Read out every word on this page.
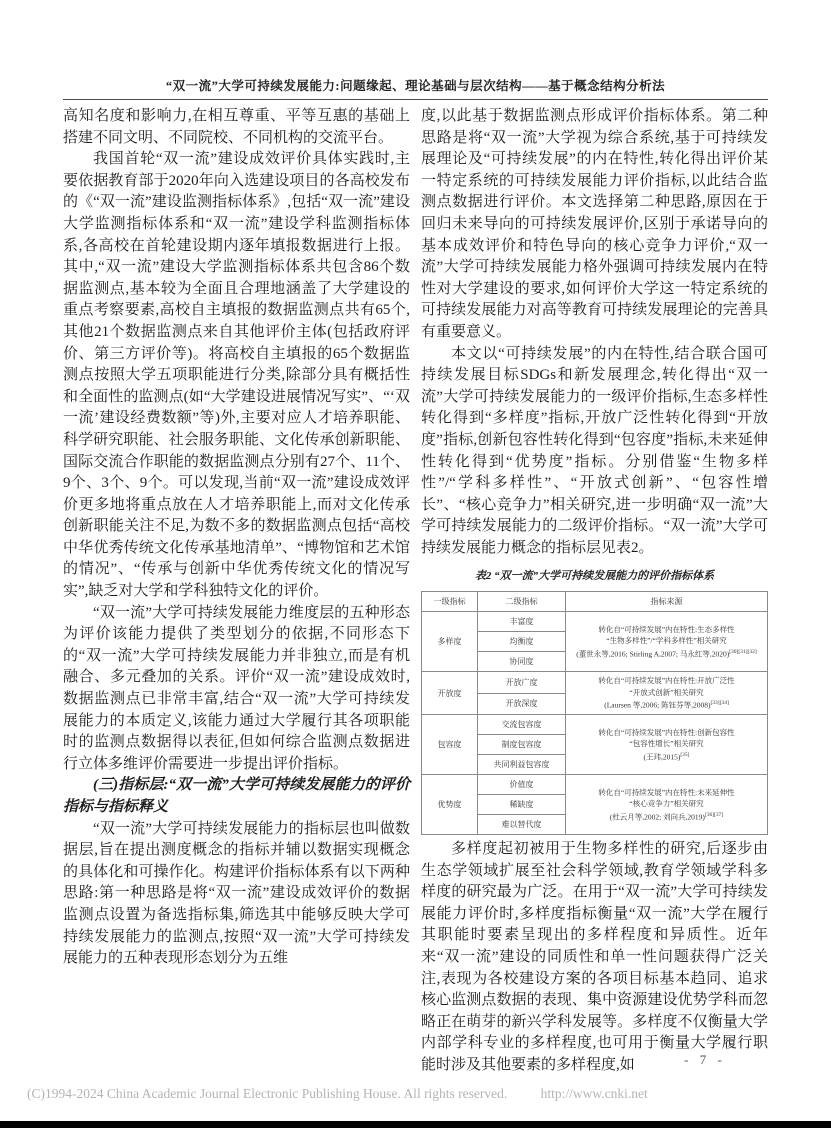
“双一流”大学可持续发展能力:问题缘起、理论基础与层次结构——基于概念结构分析法

高知名度和影响力,在相互尊重、平等互惠的基础上搭建不同文明、不同院校、不同机构的交流平台。

我国首轮“双一流”建设成效评价具体实践时,主要依据教育部于2020年向入选建设项目的各高校发布的《“双一流”建设监测指标体系》,包括“双一流”建设大学监测指标体系和“双一流”建设学科监测指标体系,各高校在首轮建设期内逐年填报数据进行上报。其中,“双一流”建设大学监测指标体系共包含86个数据监测点,基本较为全面且合理地涵盖了大学建设的重点考察要素,高校自主填报的数据监测点共有65个,其他21个数据监测点来自其他评价主体(包括政府评价、第三方评价等)。将高校自主填报的65个数据监测点按照大学五项职能进行分类,除部分具有概括性和全面性的监测点(如“大学建设进展情况写实”、“‘双一流’建设经费数额”等)外,主要对应人才培养职能、科学研究职能、社会服务职能、文化传承创新职能、国际交流合作职能的数据监测点分别有27个、11个、9个、3个、9个。可以发现,当前“双一流”建设成效评价更多地将重点放在人才培养职能上,而对文化传承创新职能关注不足,为数不多的数据监测点包括“高校中华优秀传统文化传承基地清单”、“博物馆和艺术馆的情况”、“传承与创新中华优秀传统文化的情况写实”,缺乏对大学和学科独特文化的评价。

“双一流”大学可持续发展能力维度层的五种形态为评价该能力提供了类型划分的依据,不同形态下的“双一流”大学可持续发展能力并非独立,而是有机融合、多元叠加的关系。评价“双一流”建设成效时,数据监测点已非常丰富,结合“双一流”大学可持续发展能力的本质定义,该能力通过大学履行其各项职能时的监测点数据得以表征,但如何综合监测点数据进行立体多维评价需要进一步提出评价指标。

(三)指标层:“双一流”大学可持续发展能力的评价指标与指标释义

“双一流”大学可持续发展能力的指标层也叫做数据层,旨在提出测度概念的指标并辅以数据实现概念的具体化和可操作化。构建评价指标体系有以下两种思路:第一种思路是将“双一流”建设成效评价的数据监测点设置为备选指标集,筛选其中能够反映大学可持续发展能力的监测点,按照“双一流”大学可持续发展能力的五种表现形态划分为五维

度,以此基于数据监测点形成评价指标体系。第二种思路是将“双一流”大学视为综合系统,基于可持续发展理论及“可持续发展”的内在特性,转化得出评价某一特定系统的可持续发展能力评价指标,以此结合监测点数据进行评价。本文选择第二种思路,原因在于回归未来导向的可持续发展评价,区别于承诺导向的基本成效评价和特色导向的核心竞争力评价,“双一流”大学可持续发展能力格外强调可持续发展内在特性对大学建设的要求,如何评价大学这一特定系统的可持续发展能力对高等教育可持续发展理论的完善具有重要意义。

本文以“可持续发展”的内在特性,结合联合国可持续发展目标SDGs和新发展理念,转化得出“双一流”大学可持续发展能力的一级评价指标,生态多样性转化得到“多样度”指标,开放广泛性转化得到“开放度”指标,创新包容性转化得到“包容度”指标,未来延伸性转化得到“优势度”指标。分别借鉴“生物多样性”/“学科多样性”、“开放式创新”、“包容性增长”、“核心竞争力”相关研究,进一步明确“双一流”大学可持续发展能力的二级评价指标。“双一流”大学可持续发展能力概念的指标层见表2。

表2 “双一流”大学可持续发展能力的评价指标体系
一级指标	二级指标	指标来源
多样度	丰富度	转化自“可持续发展”内在特性:生态多样性
“生物多样性”/“学科多样性”相关研究
(董世永等,2016; Stirling A,2007; 马永红等,2020)[30][31][32]

	均衡度	
	协同度	
开放度	开放广度	转化自“可持续发展”内在特性:开放广泛性
“开放式创新”相关研究
(Laursen 等,2006; 陈钰芬等,2008)[33][34]

	开放深度	
包容度	交流包容度	转化自“可持续发展”内在特性:创新包容性
“包容性增长”相关研究
(王玮,2015)[35]

	制度包容度	
	共同利益包容度	
优势度	价值度	转化自“可持续发展”内在特性:未来延伸性
“核心竞争力”相关研究
(杜云月等,2002; 刘向兵,2019)[36][37]

	稀缺度	
	难以替代度	

多样度起初被用于生物多样性的研究,后逐步由生态学领域扩展至社会科学领域,教育学领域学科多样度的研究最为广泛。在用于“双一流”大学可持续发展能力评价时,多样度指标衡量“双一流”大学在履行其职能时要素呈现出的多样程度和异质性。近年来“双一流”建设的同质性和单一性问题获得广泛关注,表现为各校建设方案的各项目标基本趋同、追求核心监测点数据的表现、集中资源建设优势学科而忽略正在萌芽的新兴学科发展等。多样度不仅衡量大学内部学科专业的多样程度,也可用于衡量大学履行职能时涉及其他要素的多样程度,如	- 7 -
(C)1994-2024 China Academic Journal Electronic Publishing House. All rights reserved. http://www.cnki.net
